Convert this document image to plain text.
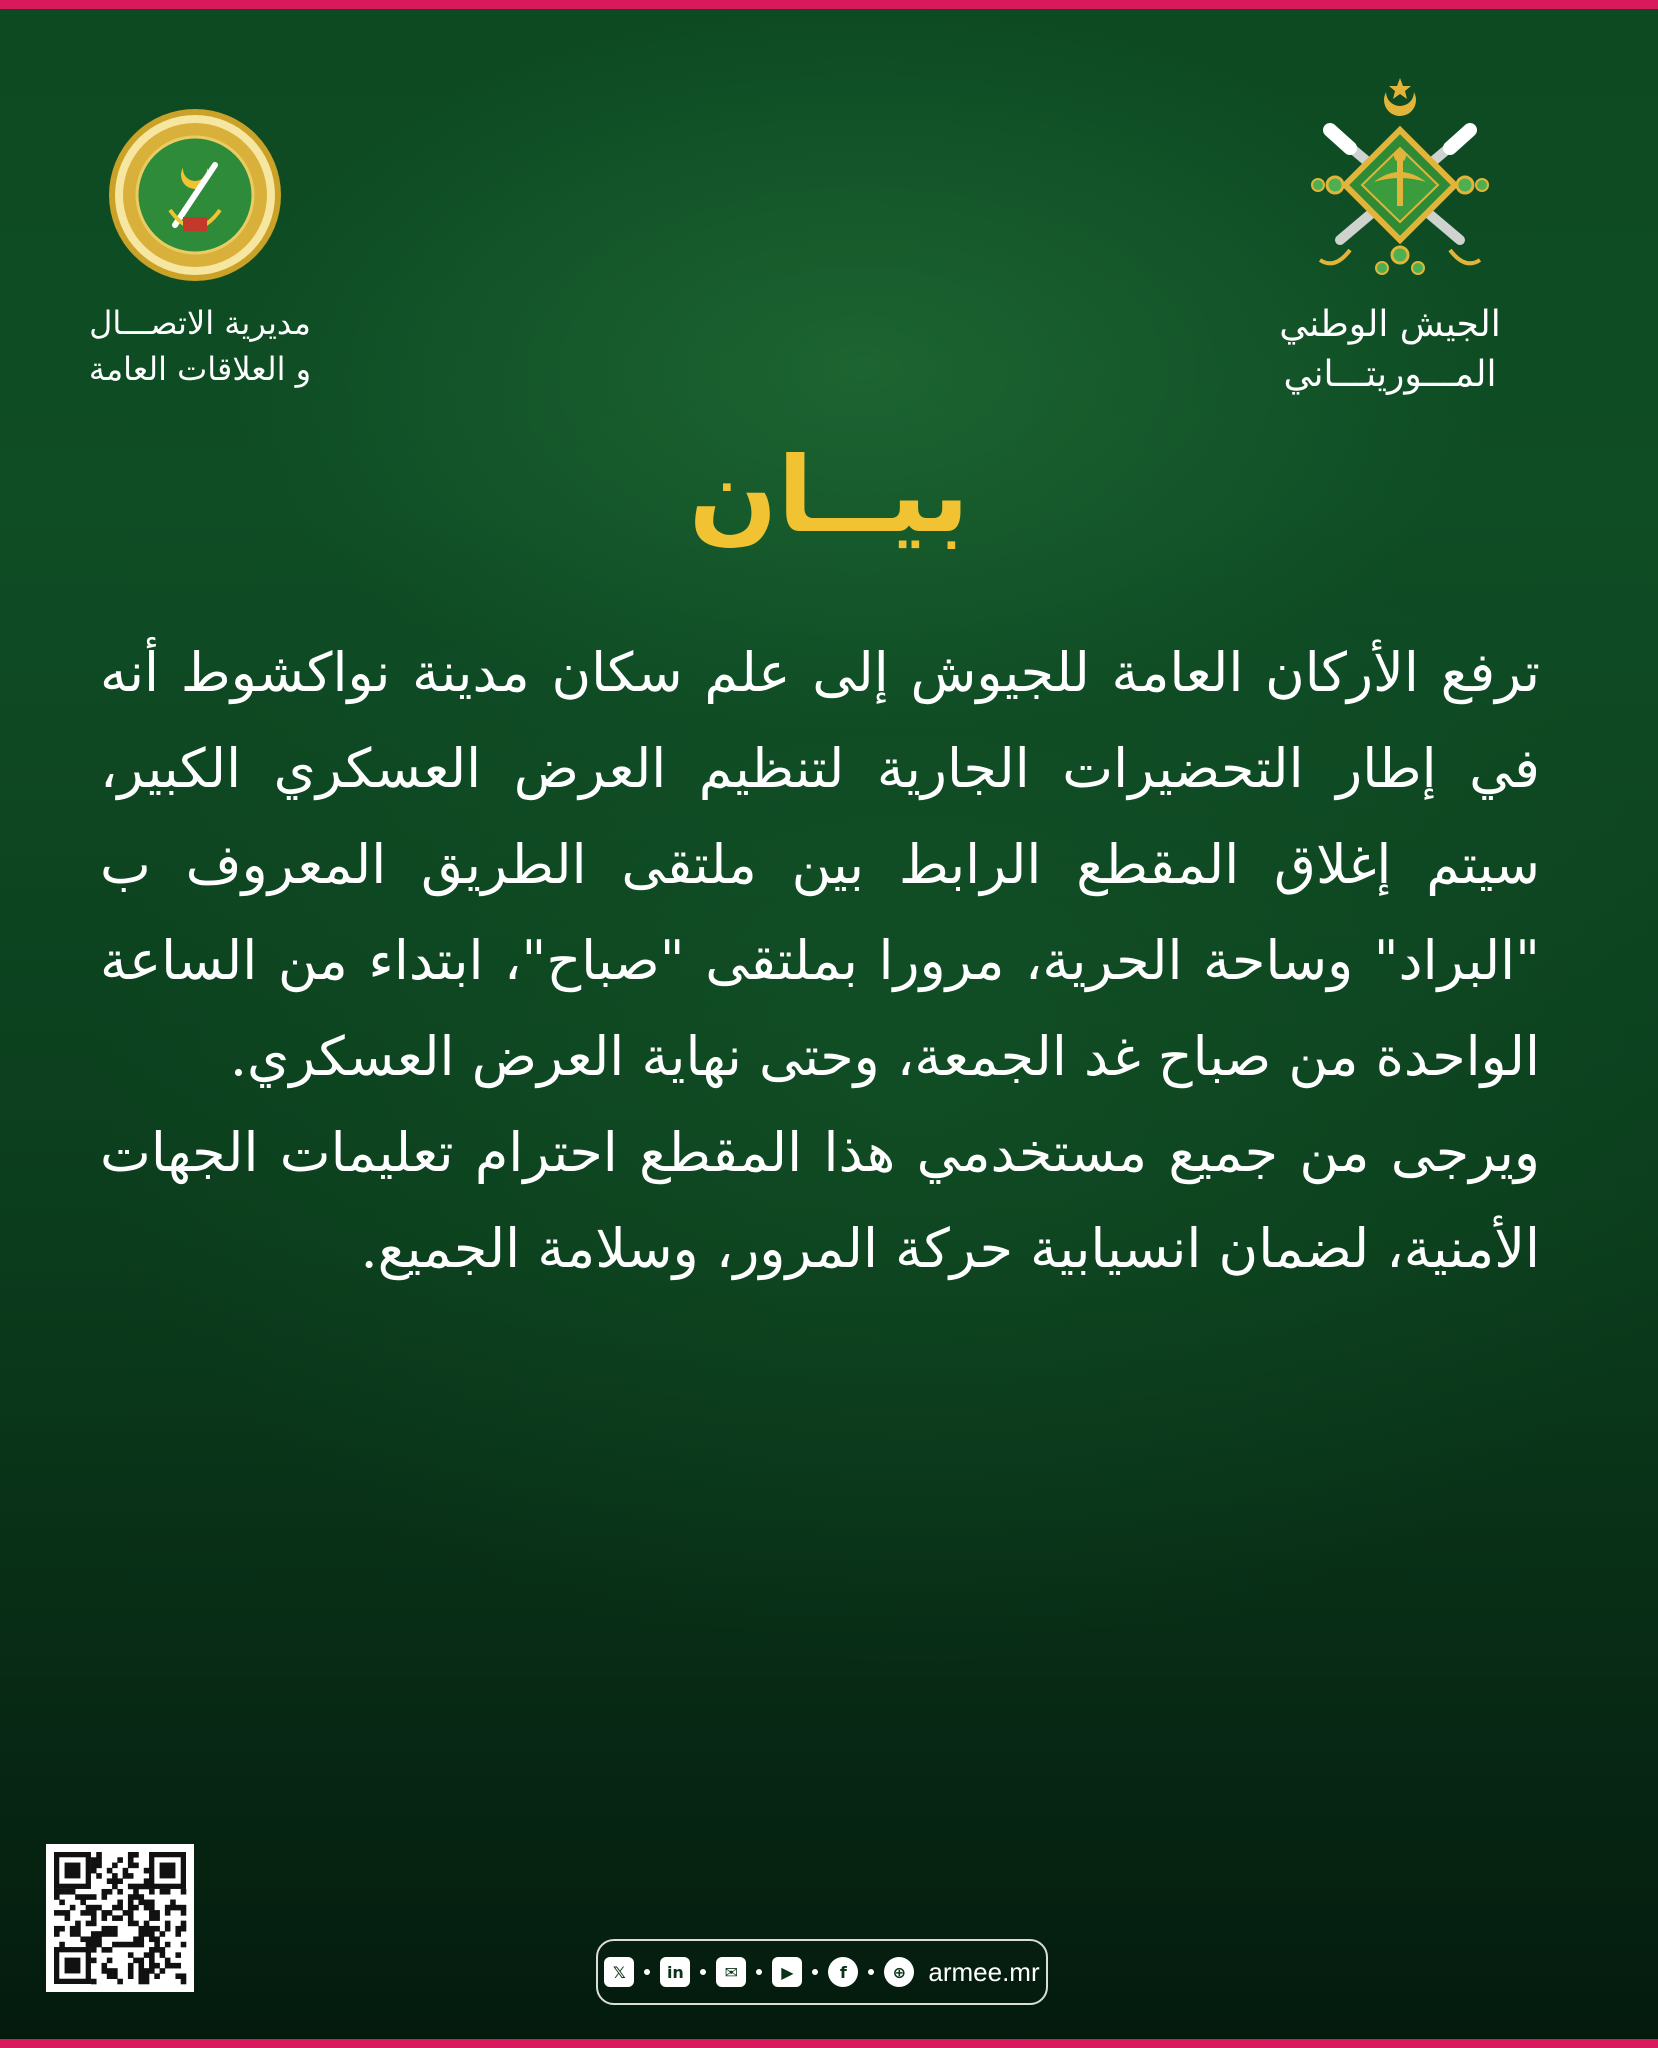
الجيش الوطني
المـــوريتـــاني
مديرية الاتصـــال
و العلاقات العامة
بيــان

ترفع الأركان العامة للجيوش إلى علم سكان مدينة نواكشوط أنه في إطار التحضيرات الجارية لتنظيم العرض العسكري الكبير، سيتم إغلاق المقطع الرابط بين ملتقى الطريق المعروف ب "البراد" وساحة الحرية، مرورا بملتقى "صباح"، ابتداء من الساعة الواحدة من صباح غد الجمعة، وحتى نهاية العرض العسكري.

ويرجى من جميع مستخدمي هذا المقطع احترام تعليمات الجهات الأمنية، لضمان انسيابية حركة المرور، وسلامة الجميع.

𝕏	in	✉	▶	f	⊕ armee.mr
